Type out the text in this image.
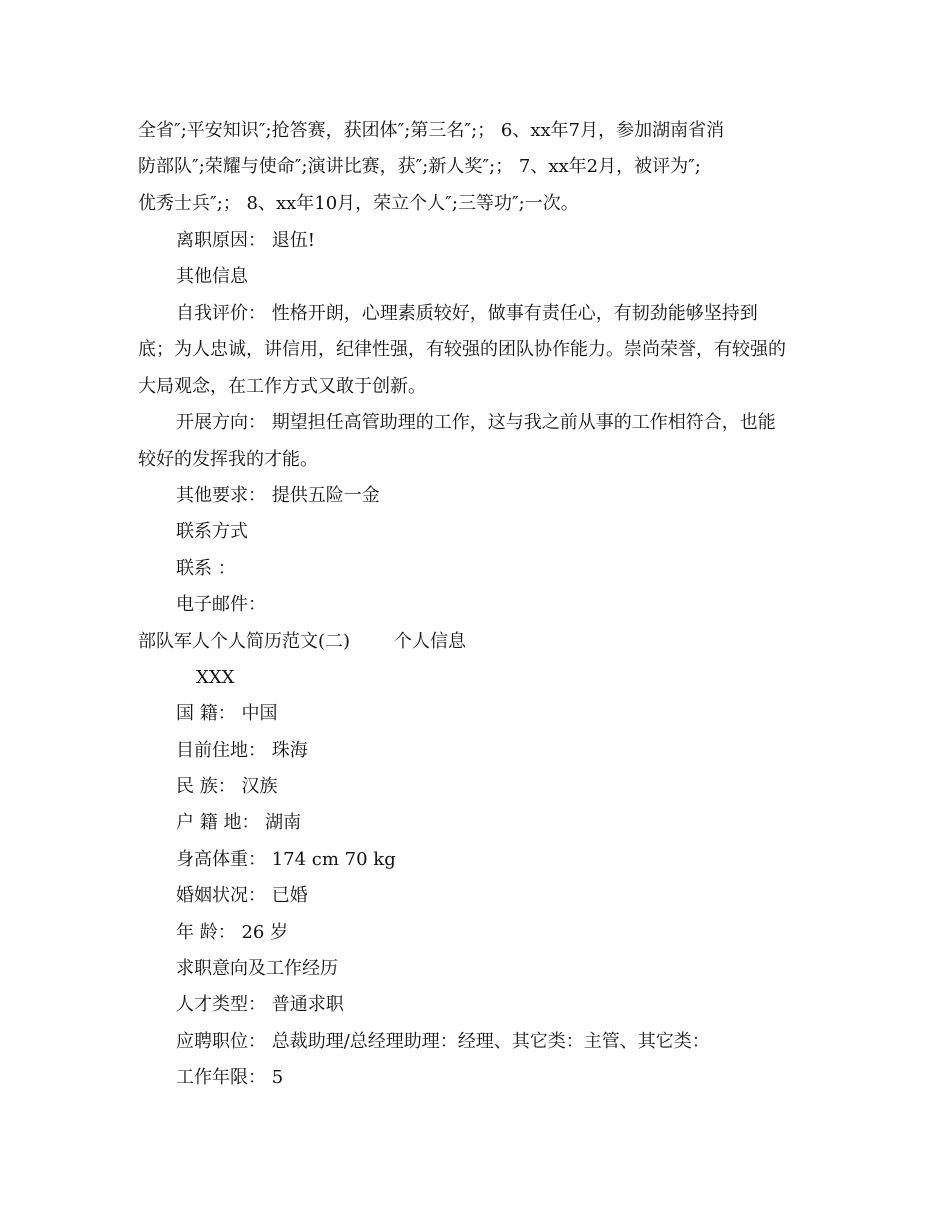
全省″;平安知识″;抢答赛，获团体″;第三名″;； 6、xx年7月，参加湖南省消
防部队″;荣耀与使命″;演讲比赛，获″;新人奖″;； 7、xx年2月，被评为″;
优秀士兵″;； 8、xx年10月，荣立个人″;三等功″;一次。
离职原因： 退伍!
其他信息
自我评价： 性格开朗，心理素质较好，做事有责任心，有韧劲能够坚持到
底；为人忠诚，讲信用，纪律性强，有较强的团队协作能力。崇尚荣誉，有较强的
大局观念，在工作方式又敢于创新。
开展方向： 期望担任高管助理的工作，这与我之前从事的工作相符合，也能
较好的发挥我的才能。
其他要求： 提供五险一金
联系方式
联系 ：
电子邮件：
部队军人个人简历范文(二) 个人信息
XXX
国 籍： 中国
目前住地： 珠海
民 族： 汉族
户 籍 地： 湖南
身高体重： 174 cm 70 kg
婚姻状况： 已婚
年 龄： 26 岁
求职意向及工作经历
人才类型： 普通求职
应聘职位： 总裁助理/总经理助理：经理、其它类：主管、其它类：
工作年限： 5
